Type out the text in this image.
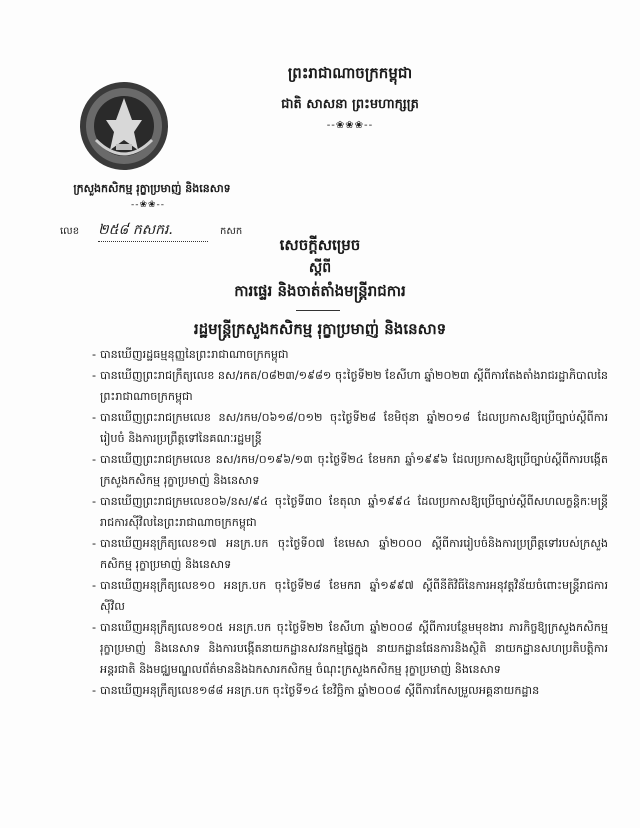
ក្រសួងកសិកម្ម រុក្ខាប្រមាញ់ និងនេសាទ
--❀❀--
លេខ ២៥៨ កសករ.	កសក
ព្រះរាជាណាចក្រកម្ពុជា
ជាតិ សាសនា ព្រះមហាក្សត្រ
--❀❀❀--
សេចក្តីសម្រេច
ស្តីពី
ការផ្ទេរ និងចាត់តាំងមន្ត្រីរាជការ
រដ្ឋមន្ត្រីក្រសួងកសិកម្ម រុក្ខាប្រមាញ់ និងនេសាទ
- បានឃើញរដ្ឋធម្មនុញ្ញនៃព្រះរាជាណាចក្រកម្ពុជា
- បានឃើញព្រះរាជក្រឹត្យលេខ នស/រកត/០៨២៣/១៩៨១ ចុះថ្ងៃទី២២ ខែសីហា ឆ្នាំ២០២៣ ស្តីពីការតែងតាំងរាជរដ្ឋាភិបាលនៃព្រះរាជាណាចក្រកម្ពុជា
- បានឃើញព្រះរាជក្រមលេខ នស/រកម/០៦១៨/០១២ ចុះថ្ងៃទី២៨ ខែមិថុនា ឆ្នាំ២០១៨ ដែលប្រកាសឱ្យប្រើច្បាប់ស្តីពីការរៀបចំ និងការប្រព្រឹត្តទៅនៃគណៈរដ្ឋមន្ត្រី
- បានឃើញព្រះរាជក្រមលេខ នស/រកម/០១៩៦/១៣ ចុះថ្ងៃទី២៤ ខែមករា ឆ្នាំ១៩៩៦ ដែលប្រកាសឱ្យប្រើច្បាប់ស្តីពីការបង្កើតក្រសួងកសិកម្ម រុក្ខាប្រមាញ់ និងនេសាទ
- បានឃើញព្រះរាជក្រមលេខ០៦/នស/៩៤ ចុះថ្ងៃទី៣០ ខែតុលា ឆ្នាំ១៩៩៤ ដែលប្រកាសឱ្យប្រើច្បាប់ស្តីពីសហលក្ខន្តិកៈមន្ត្រីរាជការស៊ីវិលនៃព្រះរាជាណាចក្រកម្ពុជា
- បានឃើញអនុក្រឹត្យលេខ១៧ អនក្រ.បក ចុះថ្ងៃទី០៧ ខែមេសា ឆ្នាំ២០០០ ស្តីពីការរៀបចំនិងការប្រព្រឹត្តទៅរបស់ក្រសួងកសិកម្ម រុក្ខាប្រមាញ់ និងនេសាទ
- បានឃើញអនុក្រឹត្យលេខ១០ អនក្រ.បក ចុះថ្ងៃទី២៨ ខែមករា ឆ្នាំ១៩៩៧ ស្តីពីនីតិវិធីនៃការអនុវត្តវិន័យចំពោះមន្ត្រីរាជការស៊ីវិល
- បានឃើញអនុក្រឹត្យលេខ១០៥ អនក្រ.បក ចុះថ្ងៃទី២២ ខែសីហា ឆ្នាំ២០០៨ ស្តីពីការបន្ថែមមុខងារ ភារកិច្ចឱ្យក្រសួងកសិកម្ម រុក្ខាប្រមាញ់ និងនេសាទ និងការបង្កើតនាយកដ្ឋានសវនកម្មផ្ទៃក្នុង នាយកដ្ឋានផែនការនិងស្ថិតិ នាយកដ្ឋានសហប្រតិបត្តិការអន្តរជាតិ និងមជ្ឈមណ្ឌលព័ត៌មាននិងឯកសារកសិកម្ម ចំណុះក្រសួងកសិកម្ម រុក្ខាប្រមាញ់ និងនេសាទ
- បានឃើញអនុក្រឹត្យលេខ១៨៨ អនក្រ.បក ចុះថ្ងៃទី១៤ ខែវិច្ឆិកា ឆ្នាំ២០០៨ ស្តីពីការកែសម្រួលអគ្គនាយកដ្ឋាន
